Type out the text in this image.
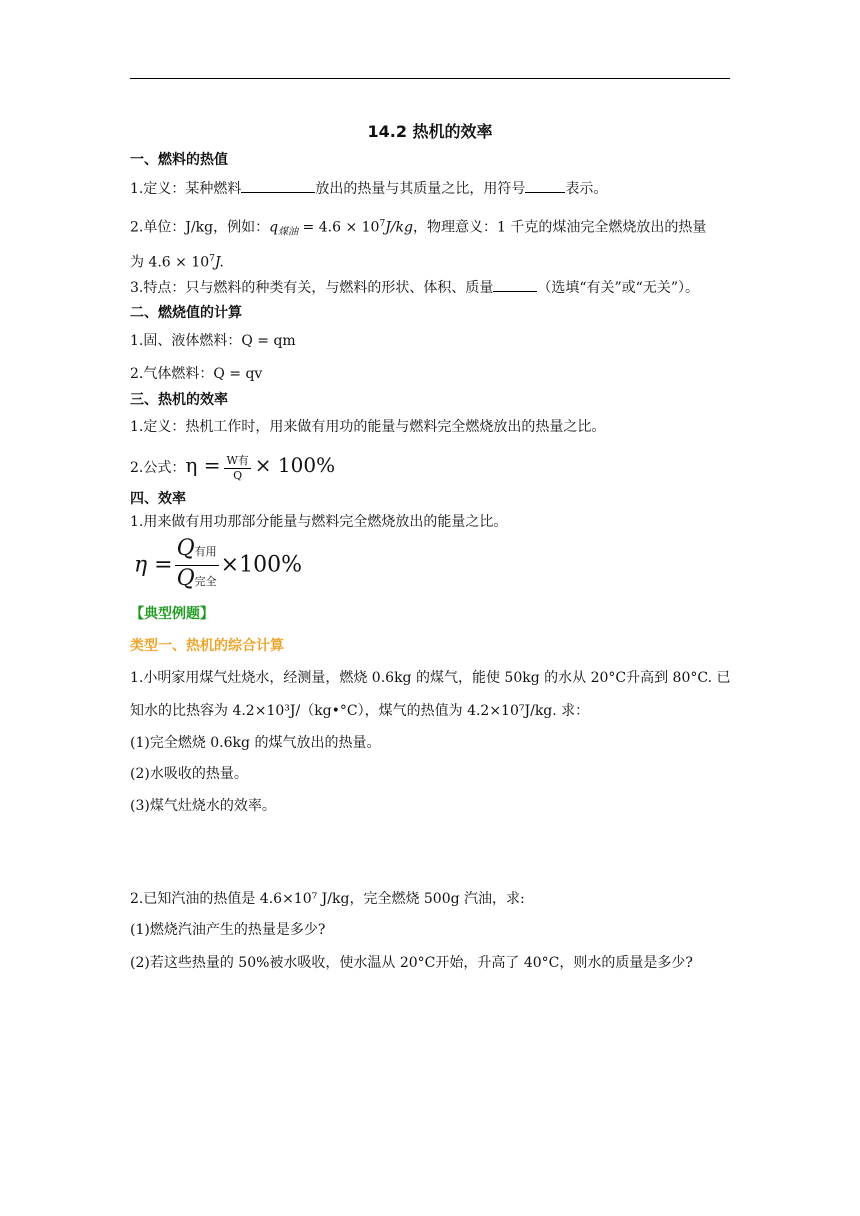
14.2 热机的效率
一、燃料的热值
1.定义：某种燃料	放出的热量与其质量之比，用符号	表示。
2.单位：J/kg，例如：$q_{煤油} = 4.6 \times 10^7J/kg$，物理意义：1 千克的煤油完全燃烧放出的热量
为 $4.6 \times 10^7J$.
3.特点：只与燃料的种类有关，与燃料的形状、体积、质量	（选填“有关”或“无关”）。
二、燃烧值的计算
1.固、液体燃料：Q = qm
2.气体燃料：Q = qv
三、热机的效率
1.定义：热机工作时，用来做有用功的能量与燃料完全燃烧放出的热量之比。
2.公式：$\eta = \frac{\text{W有}}{Q} \times 100\%$
四、效率
1.用来做有用功那部分能量与燃料完全燃烧放出的能量之比。
$\eta = \frac{\text{Q有用}}{\text{Q完全}} \times 100\%$
【典型例题】
类型一、热机的综合计算
1.小明家用煤气灶烧水，经测量，燃烧 0.6kg 的煤气，能使 50kg 的水从 20°C升高到 80°C. 已
知水的比热容为 4.2×10³J/（kg•°C），煤气的热值为 4.2×10⁷J/kg. 求：
(1)完全燃烧 0.6kg 的煤气放出的热量。
(2)水吸收的热量。
(3)煤气灶烧水的效率。
2.已知汽油的热值是 4.6×10⁷ J/kg，完全燃烧 500g 汽油，求:
(1)燃烧汽油产生的热量是多少?
(2)若这些热量的 50%被水吸收，使水温从 20°C开始，升高了 40°C，则水的质量是多少?
